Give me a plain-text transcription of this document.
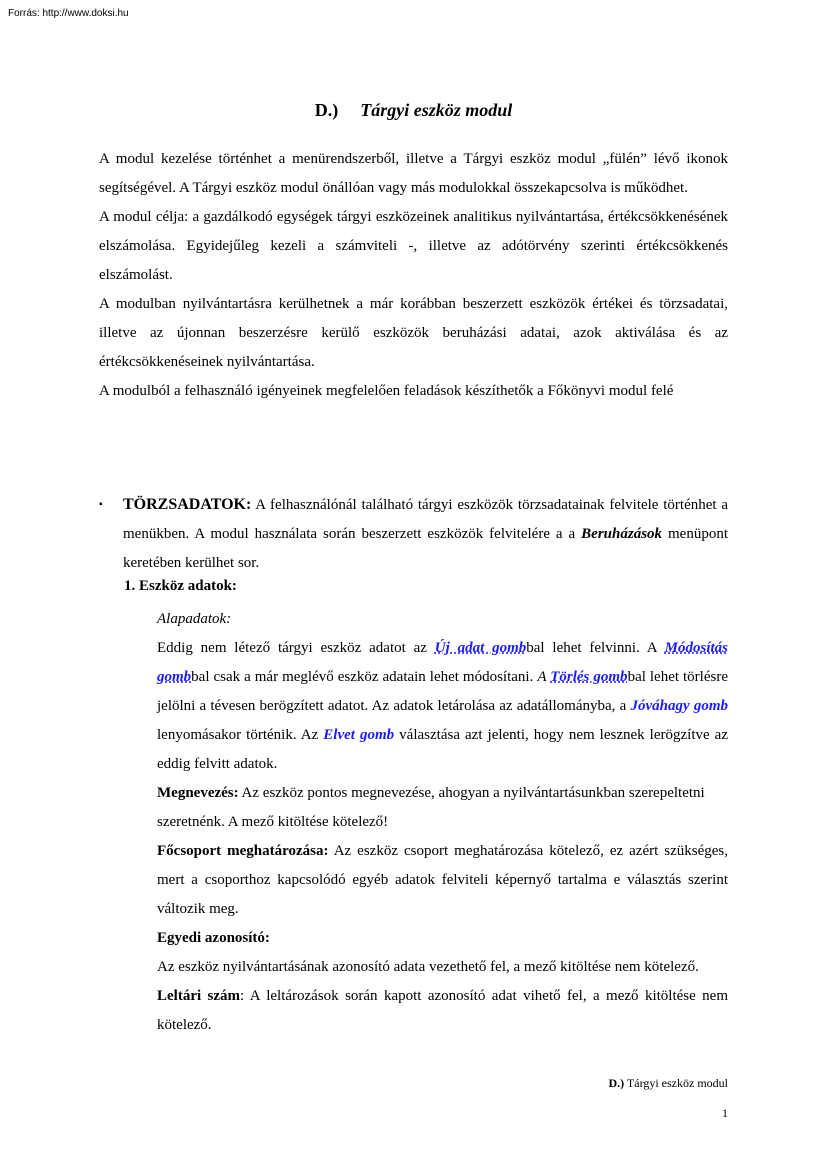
Forrás: http://www.doksi.hu
D.) Tárgyi eszköz modul

A modul kezelése történhet a menürendszerből, illetve a Tárgyi eszköz modul „fülén” lévő ikonok segítségével. A Tárgyi eszköz modul önállóan vagy más modulokkal összekapcsolva is működhet.

A modul célja: a gazdálkodó egységek tárgyi eszközeinek analitikus nyilvántartása, értékcsökkenésének elszámolása. Egyidejűleg kezeli a számviteli -, illetve az adótörvény szerinti értékcsökkenés elszámolást.

A modulban nyilvántartásra kerülhetnek a már korábban beszerzett eszközök értékei és törzsadatai, illetve az újonnan beszerzésre kerülő eszközök beruházási adatai, azok aktiválása és az értékcsökkenéseinek nyilvántartása.

A modulból a felhasználó igényeinek megfelelően feladások készíthetők a Főkönyvi modul felé

▪ TÖRZSADATOK: A felhasználónál található tárgyi eszközök törzsadatainak felvitele történhet a menükben. A modul használata során beszerzett eszközök felvitelére a a Beruházások menüpont keretében kerülhet sor.
1. Eszköz adatok:

Alapadatok:

Eddig nem létező tárgyi eszköz adatot az Új adat gombbal lehet felvinni. A Módosítás gombbal csak a már meglévő eszköz adatain lehet módosítani. A Törlés gombbal lehet törlésre jelölni a tévesen berögzített adatot. Az adatok letárolása az adatállományba, a Jóváhagy gomb lenyomásakor történik. Az Elvet gomb választása azt jelenti, hogy nem lesznek lerögzítve az eddig felvitt adatok.

Megnevezés: Az eszköz pontos megnevezése, ahogyan a nyilvántartásunkban szerepeltetni szeretnénk. A mező kitöltése kötelező!

Főcsoport meghatározása: Az eszköz csoport meghatározása kötelező, ez azért szükséges, mert a csoporthoz kapcsolódó egyéb adatok felviteli képernyő tartalma e választás szerint változik meg.

Egyedi azonosító:

Az eszköz nyilvántartásának azonosító adata vezethető fel, a mező kitöltése nem kötelező.

Leltári szám: A leltározások során kapott azonosító adat vihető fel, a mező kitöltése nem kötelező.

D.) Tárgyi eszköz modul
1
